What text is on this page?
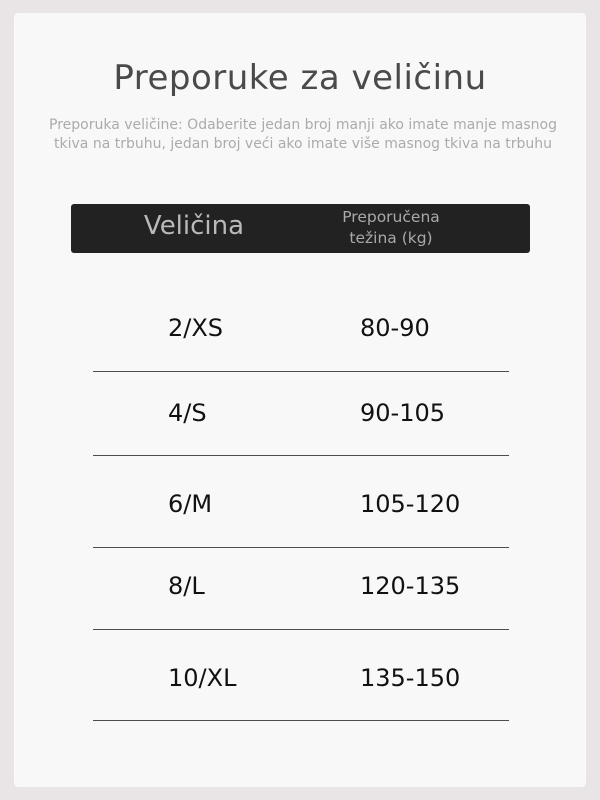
Preporuke za veličinu
Preporuka veličine: Odaberite jedan broj manji ako imate manje masnog
tkiva na trbuhu, jedan broj veći ako imate više masnog tkiva na trbuhu
Veličina	Preporučena
težina (kg)
2/XS	80-90
4/S	90-105
6/M	105-120
8/L	120-135
10/XL	135-150
